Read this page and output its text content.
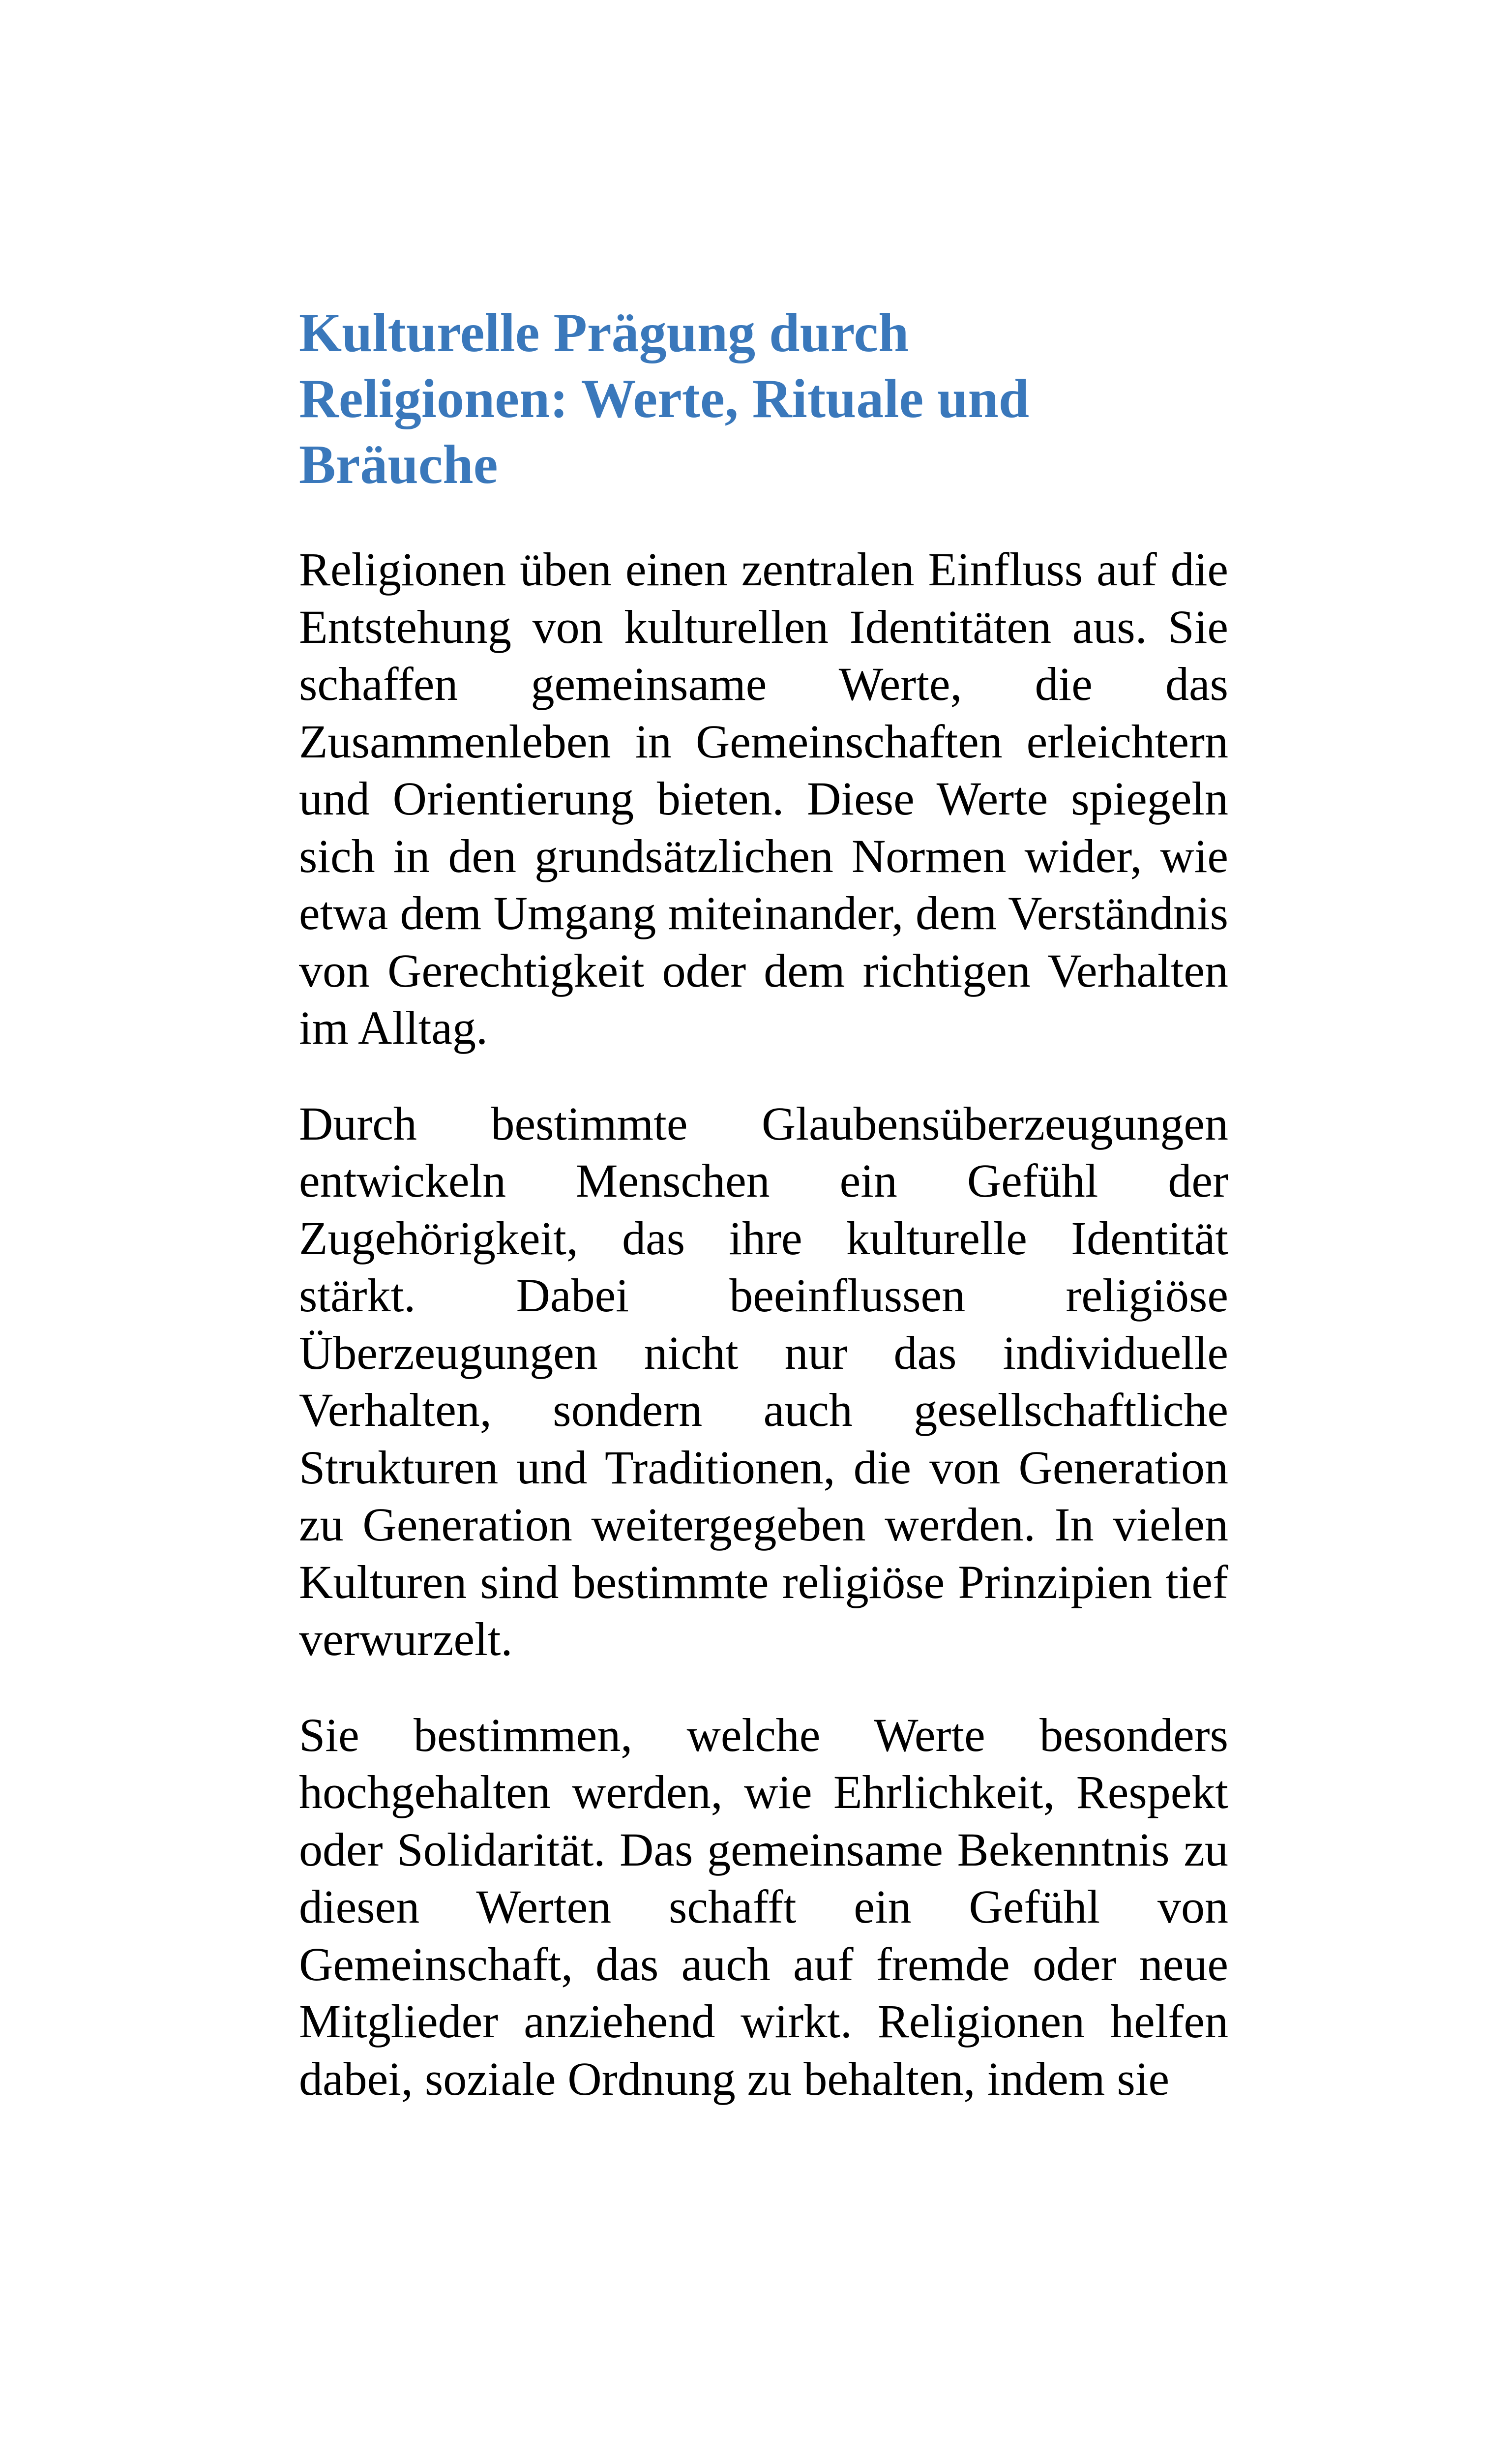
Kulturelle Prägung durch Religionen: Werte, Rituale und Bräuche

Religionen üben einen zentralen Einfluss auf die Entstehung von kulturellen Identitäten aus. Sie schaffen gemeinsame Werte, die das Zusammenleben in Gemeinschaften erleichtern und Orientierung bieten. Diese Werte spiegeln sich in den grundsätzlichen Normen wider, wie etwa dem Umgang miteinander, dem Verständnis von Gerechtigkeit oder dem richtigen Verhalten im Alltag.

Durch bestimmte Glaubensüberzeugungen entwickeln Menschen ein Gefühl der Zugehörigkeit, das ihre kulturelle Identität stärkt. Dabei beeinflussen religiöse Überzeugungen nicht nur das individuelle Verhalten, sondern auch gesellschaftliche Strukturen und Traditionen, die von Generation zu Generation weitergegeben werden. In vielen Kulturen sind bestimmte religiöse Prinzipien tief verwurzelt.

Sie bestimmen, welche Werte besonders hochgehalten werden, wie Ehrlichkeit, Respekt oder Solidarität. Das gemeinsame Bekenntnis zu diesen Werten schafft ein Gefühl von Gemeinschaft, das auch auf fremde oder neue Mitglieder anziehend wirkt. Religionen helfen dabei, soziale Ordnung zu behalten, indem sie
